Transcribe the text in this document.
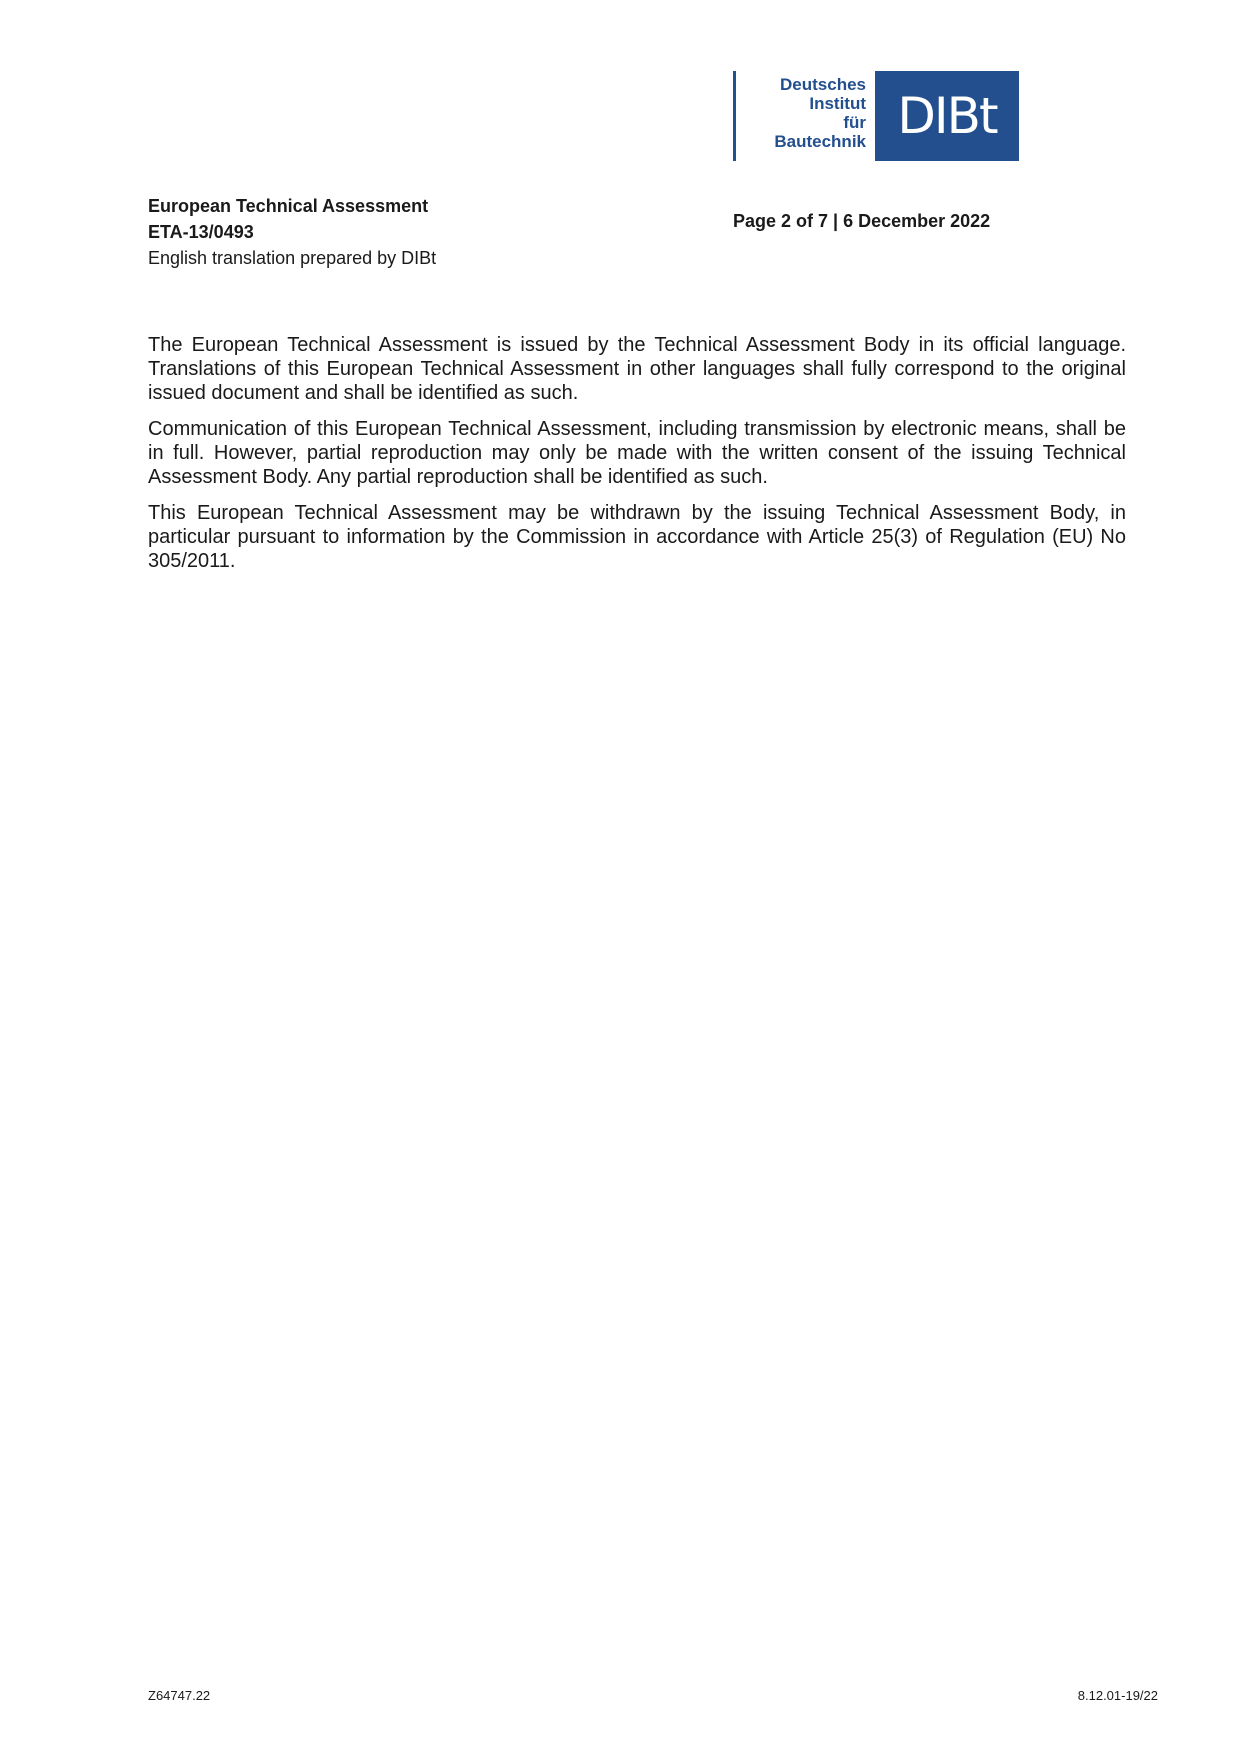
Deutsches
Institut
für
Bautechnik DIBt
European Technical Assessment
ETA-13/0493
English translation prepared by DIBt
Page 2 of 7 | 6 December 2022

The European Technical Assessment is issued by the Technical Assessment Body in its official language. Translations of this European Technical Assessment in other languages shall fully correspond to the original issued document and shall be identified as such.

Communication of this European Technical Assessment, including transmission by electronic means, shall be in full. However, partial reproduction may only be made with the written consent of the issuing Technical Assessment Body. Any partial reproduction shall be identified as such.

This European Technical Assessment may be withdrawn by the issuing Technical Assessment Body, in particular pursuant to information by the Commission in accordance with Article 25(3) of Regulation (EU) No 305/2011.

Z64747.22	8.12.01-19/22
